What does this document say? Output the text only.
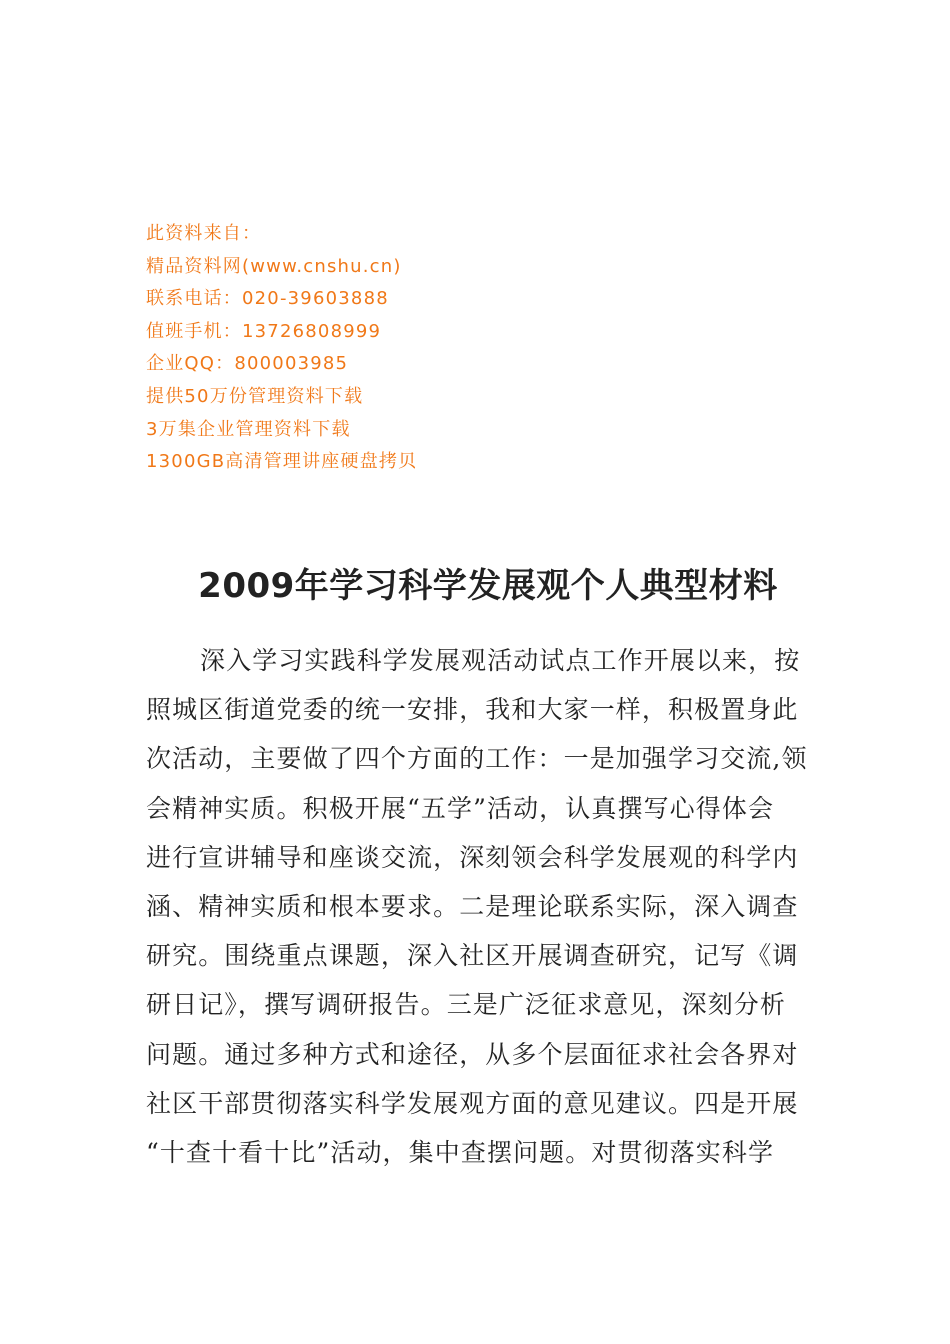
此资料来自：
精品资料网(www.cnshu.cn)
联系电话：020-39603888
值班手机：13726808999
企业QQ：800003985
提供50万份管理资料下载
3万集企业管理资料下载
1300GB高清管理讲座硬盘拷贝
2009年学习科学发展观个人典型材料
深入学习实践科学发展观活动试点工作开展以来，按
照城区街道党委的统一安排，我和大家一样，积极置身此
次活动，主要做了四个方面的工作：一是加强学习交流,领
会精神实质。积极开展“五学”活动，认真撰写心得体会
进行宣讲辅导和座谈交流，深刻领会科学发展观的科学内
涵、精神实质和根本要求。二是理论联系实际，深入调查
研究。围绕重点课题，深入社区开展调查研究，记写《调
研日记》，撰写调研报告。三是广泛征求意见，深刻分析
问题。通过多种方式和途径，从多个层面征求社会各界对
社区干部贯彻落实科学发展观方面的意见建议。四是开展
“十查十看十比”活动，集中查摆问题。对贯彻落实科学
